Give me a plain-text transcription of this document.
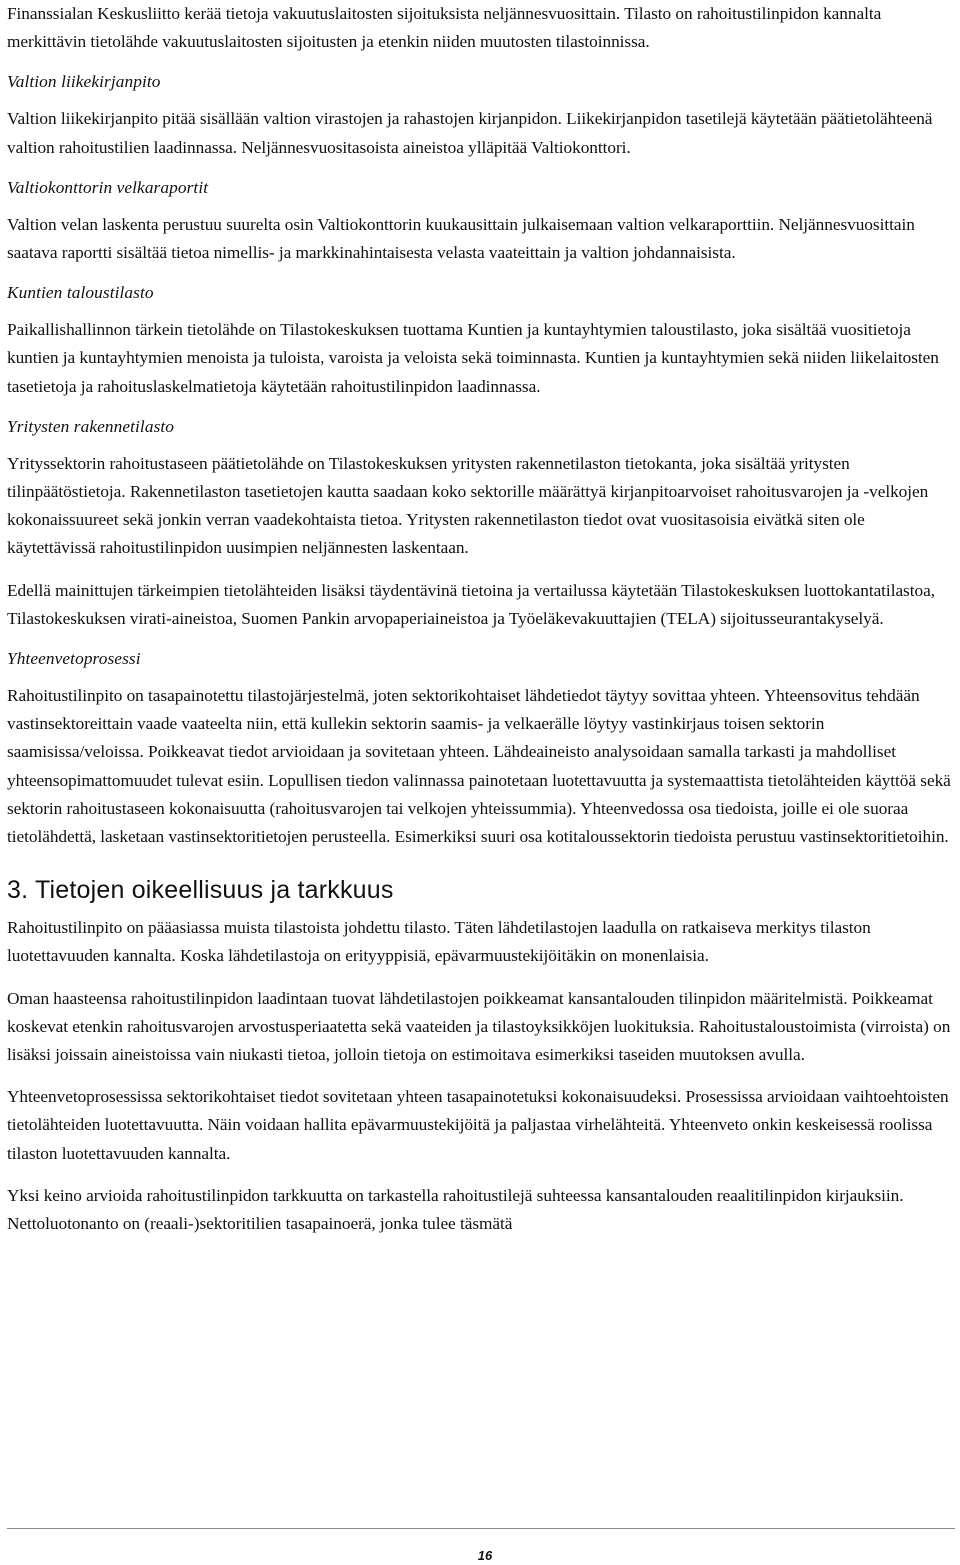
Finanssialan Keskusliitto kerää tietoja vakuutuslaitosten sijoituksista neljännesvuosittain. Tilasto on rahoitustilinpidon kannalta merkittävin tietolähde vakuutuslaitosten sijoitusten ja etenkin niiden muutosten tilastoinnissa.

Valtion liikekirjanpito

Valtion liikekirjanpito pitää sisällään valtion virastojen ja rahastojen kirjanpidon. Liikekirjanpidon tasetilejä käytetään päätietolähteenä valtion rahoitustilien laadinnassa. Neljännesvuositasoista aineistoa ylläpitää Valtiokonttori.

Valtiokonttorin velkaraportit

Valtion velan laskenta perustuu suurelta osin Valtiokonttorin kuukausittain julkaisemaan valtion velkaraporttiin. Neljännesvuosittain saatava raportti sisältää tietoa nimellis- ja markkinahintaisesta velasta vaateittain ja valtion johdannaisista.

Kuntien taloustilasto

Paikallishallinnon tärkein tietolähde on Tilastokeskuksen tuottama Kuntien ja kuntayhtymien taloustilasto, joka sisältää vuositietoja kuntien ja kuntayhtymien menoista ja tuloista, varoista ja veloista sekä toiminnasta. Kuntien ja kuntayhtymien sekä niiden liikelaitosten tasetietoja ja rahoituslaskelmatietoja käytetään rahoitustilinpidon laadinnassa.

Yritysten rakennetilasto

Yrityssektorin rahoitustaseen päätietolähde on Tilastokeskuksen yritysten rakennetilaston tietokanta, joka sisältää yritysten tilinpäätöstietoja. Rakennetilaston tasetietojen kautta saadaan koko sektorille määrättyä kirjanpitoarvoiset rahoitusvarojen ja -velkojen kokonaissuureet sekä jonkin verran vaadekohtaista tietoa. Yritysten rakennetilaston tiedot ovat vuositasoisia eivätkä siten ole käytettävissä rahoitustilinpidon uusimpien neljännesten laskentaan.

Edellä mainittujen tärkeimpien tietolähteiden lisäksi täydentävinä tietoina ja vertailussa käytetään Tilastokeskuksen luottokantatilastoa, Tilastokeskuksen virati-aineistoa, Suomen Pankin arvopaperiaineistoa ja Työeläkevakuuttajien (TELA) sijoitusseurantakyselyä.

Yhteenvetoprosessi

Rahoitustilinpito on tasapainotettu tilastojärjestelmä, joten sektorikohtaiset lähdetiedot täytyy sovittaa yhteen. Yhteensovitus tehdään vastinsektoreittain vaade vaateelta niin, että kullekin sektorin saamis- ja velkaerälle löytyy vastinkirjaus toisen sektorin saamisissa/veloissa. Poikkeavat tiedot arvioidaan ja sovitetaan yhteen. Lähdeaineisto analysoidaan samalla tarkasti ja mahdolliset yhteensopimattomuudet tulevat esiin. Lopullisen tiedon valinnassa painotetaan luotettavuutta ja systemaattista tietolähteiden käyttöä sekä sektorin rahoitustaseen kokonaisuutta (rahoitusvarojen tai velkojen yhteissummia). Yhteenvedossa osa tiedoista, joille ei ole suoraa tietolähdettä, lasketaan vastinsektoritietojen perusteella. Esimerkiksi suuri osa kotitaloussektorin tiedoista perustuu vastinsektoritietoihin.

3. Tietojen oikeellisuus ja tarkkuus

Rahoitustilinpito on pääasiassa muista tilastoista johdettu tilasto. Täten lähdetilastojen laadulla on ratkaiseva merkitys tilaston luotettavuuden kannalta. Koska lähdetilastoja on erityyppisiä, epävarmuustekijöitäkin on monenlaisia.

Oman haasteensa rahoitustilinpidon laadintaan tuovat lähdetilastojen poikkeamat kansantalouden tilinpidon määritelmistä. Poikkeamat koskevat etenkin rahoitusvarojen arvostusperiaatetta sekä vaateiden ja tilastoyksikköjen luokituksia. Rahoitustaloustoimista (virroista) on lisäksi joissain aineistoissa vain niukasti tietoa, jolloin tietoja on estimoitava esimerkiksi taseiden muutoksen avulla.

Yhteenvetoprosessissa sektorikohtaiset tiedot sovitetaan yhteen tasapainotetuksi kokonaisuudeksi. Prosessissa arvioidaan vaihtoehtoisten tietolähteiden luotettavuutta. Näin voidaan hallita epävarmuustekijöitä ja paljastaa virhelähteitä. Yhteenveto onkin keskeisessä roolissa tilaston luotettavuuden kannalta.

Yksi keino arvioida rahoitustilinpidon tarkkuutta on tarkastella rahoitustilejä suhteessa kansantalouden reaalitilinpidon kirjauksiin. Nettoluotonanto on (reaali-)sektoritilien tasapainoerä, jonka tulee täsmätä

16
